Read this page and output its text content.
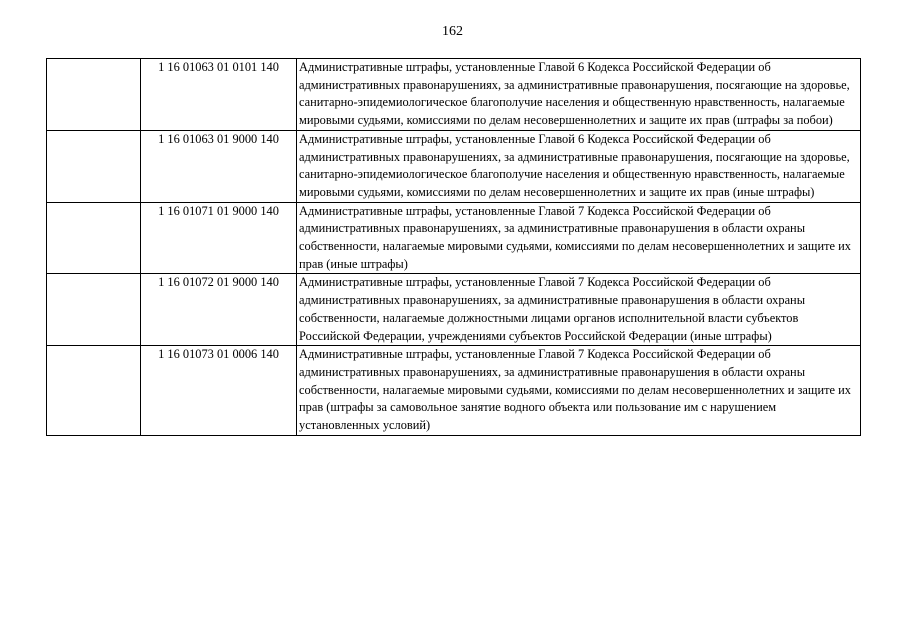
162
	1 16 01063 01 0101 140	Административные штрафы, установленные Главой 6 Кодекса Российской Федерации об административных правонарушениях, за административные правонарушения, посягающие на здоровье, санитарно-эпидемиологическое благополучие населения и общественную нравственность, налагаемые мировыми судьями, комиссиями по делам несовершеннолетних и защите их прав (штрафы за побои)
	1 16 01063 01 9000 140	Административные штрафы, установленные Главой 6 Кодекса Российской Федерации об административных правонарушениях, за административные правонарушения, посягающие на здоровье, санитарно-эпидемиологическое благополучие населения и общественную нравственность, налагаемые мировыми судьями, комиссиями по делам несовершеннолетних и защите их прав (иные штрафы)
	1 16 01071 01 9000 140	Административные штрафы, установленные Главой 7 Кодекса Российской Федерации об административных правонарушениях, за административные правонарушения в области охраны собственности, налагаемые мировыми судьями, комиссиями по делам несовершеннолетних и защите их прав (иные штрафы)
	1 16 01072 01 9000 140	Административные штрафы, установленные Главой 7 Кодекса Российской Федерации об административных правонарушениях, за административные правонарушения в области охраны собственности, налагаемые должностными лицами органов исполнительной власти субъектов Российской Федерации, учреждениями субъектов Российской Федерации (иные штрафы)
	1 16 01073 01 0006 140	Административные штрафы, установленные Главой 7 Кодекса Российской Федерации об административных правонарушениях, за административные правонарушения в области охраны собственности, налагаемые мировыми судьями, комиссиями по делам несовершеннолетних и защите их прав (штрафы за самовольное занятие водного объекта или пользование им с нарушением установленных условий)
